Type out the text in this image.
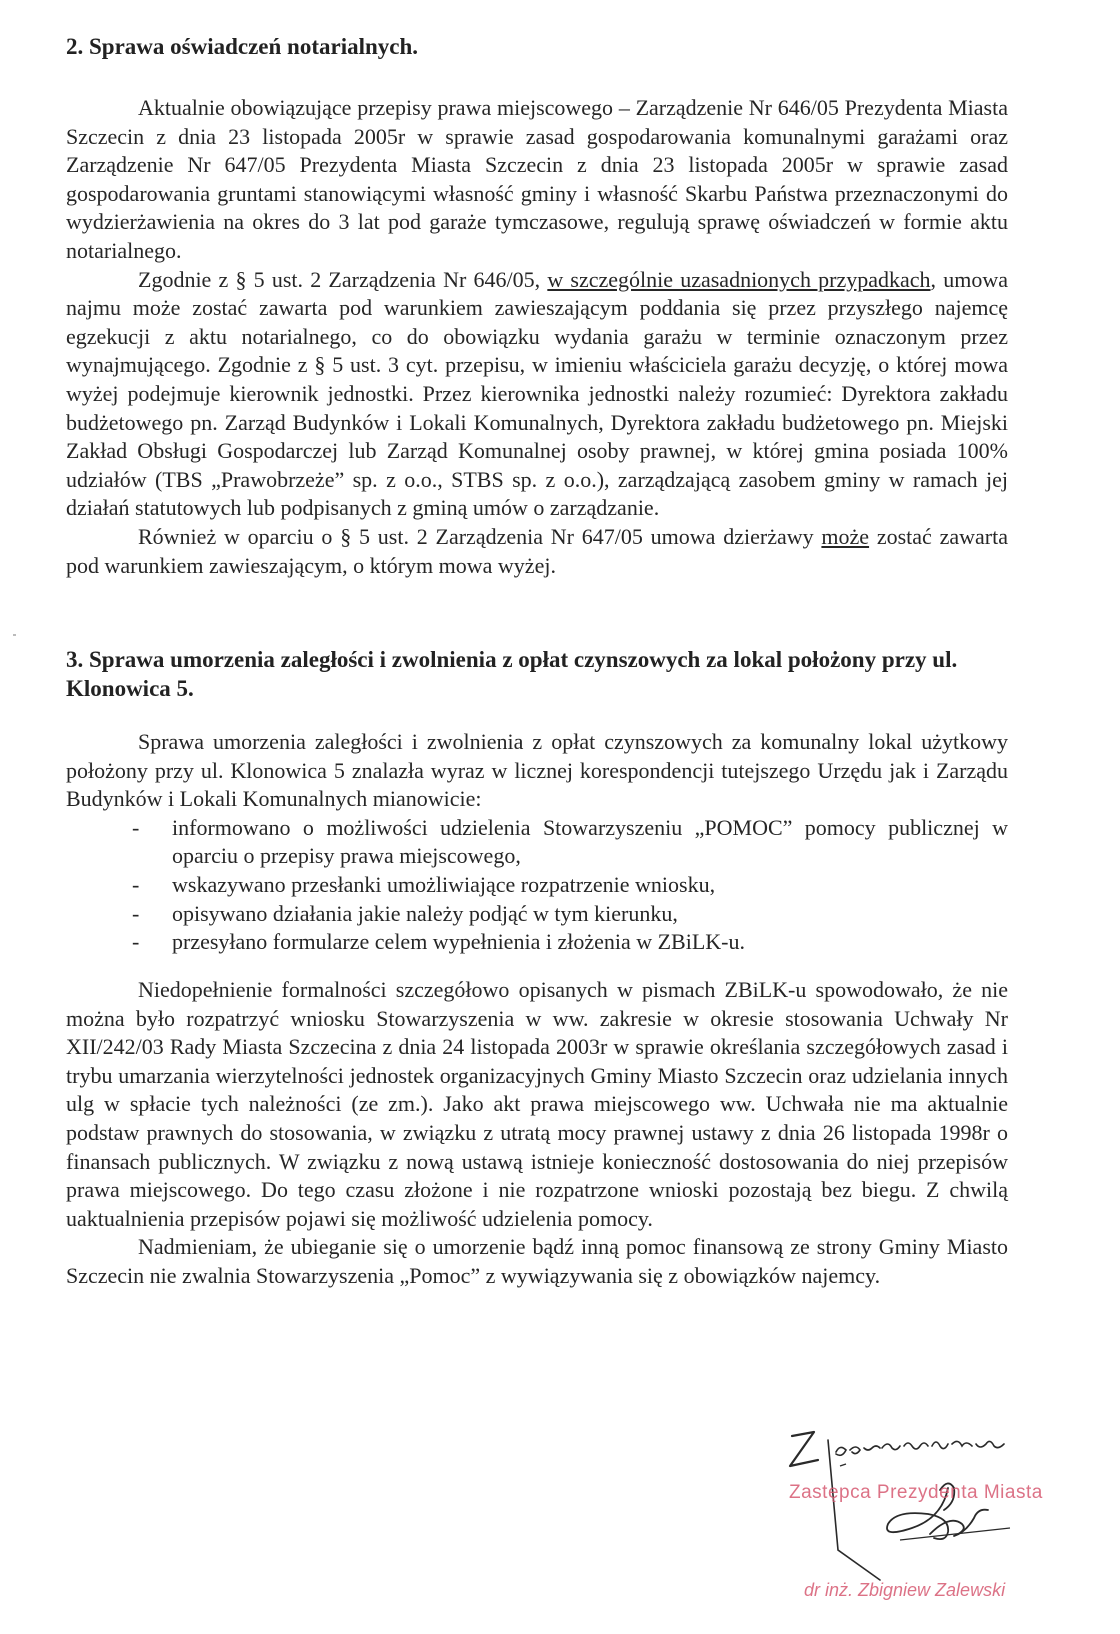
2. Sprawa oświadczeń notarialnych.

Aktualnie obowiązujące przepisy prawa miejscowego – Zarządzenie Nr 646/05 Prezydenta Miasta Szczecin z dnia 23 listopada 2005r w sprawie zasad gospodarowania komunalnymi garażami oraz Zarządzenie Nr 647/05 Prezydenta Miasta Szczecin z dnia 23 listopada 2005r w sprawie zasad gospodarowania gruntami stanowiącymi własność gminy i własność Skarbu Państwa przeznaczonymi do wydzierżawienia na okres do 3 lat pod garaże tymczasowe, regulują sprawę oświadczeń w formie aktu notarialnego.

Zgodnie z § 5 ust. 2 Zarządzenia Nr 646/05, w szczególnie uzasadnionych przypadkach, umowa najmu może zostać zawarta pod warunkiem zawieszającym poddania się przez przyszłego najemcę egzekucji z aktu notarialnego, co do obowiązku wydania garażu w terminie oznaczonym przez wynajmującego. Zgodnie z § 5 ust. 3 cyt. przepisu, w imieniu właściciela garażu decyzję, o której mowa wyżej podejmuje kierownik jednostki. Przez kierownika jednostki należy rozumieć: Dyrektora zakładu budżetowego pn. Zarząd Budynków i Lokali Komunalnych, Dyrektora zakładu budżetowego pn. Miejski Zakład Obsługi Gospodarczej lub Zarząd Komunalnej osoby prawnej, w której gmina posiada 100% udziałów (TBS „Prawobrzeże” sp. z o.o., STBS sp. z o.o.), zarządzającą zasobem gminy w ramach jej działań statutowych lub podpisanych z gminą umów o zarządzanie.

Również w oparciu o § 5 ust. 2 Zarządzenia Nr 647/05 umowa dzierżawy może zostać zawarta pod warunkiem zawieszającym, o którym mowa wyżej.

3. Sprawa umorzenia zaległości i zwolnienia z opłat czynszowych za lokal położony przy ul. Klonowica 5.

Sprawa umorzenia zaległości i zwolnienia z opłat czynszowych za komunalny lokal użytkowy położony przy ul. Klonowica 5 znalazła wyraz w licznej korespondencji tutejszego Urzędu jak i Zarządu Budynków i Lokali Komunalnych mianowicie:

- informowano o możliwości udzielenia Stowarzyszeniu „POMOC” pomocy publicznej w oparciu o przepisy prawa miejscowego,
- wskazywano przesłanki umożliwiające rozpatrzenie wniosku,
- opisywano działania jakie należy podjąć w tym kierunku,
- przesyłano formularze celem wypełnienia i złożenia w ZBiLK-u.

Niedopełnienie formalności szczegółowo opisanych w pismach ZBiLK-u spowodowało, że nie można było rozpatrzyć wniosku Stowarzyszenia w ww. zakresie w okresie stosowania Uchwały Nr XII/242/03 Rady Miasta Szczecina z dnia 24 listopada 2003r w sprawie określania szczegółowych zasad i trybu umarzania wierzytelności jednostek organizacyjnych Gminy Miasto Szczecin oraz udzielania innych ulg w spłacie tych należności (ze zm.). Jako akt prawa miejscowego ww. Uchwała nie ma aktualnie podstaw prawnych do stosowania, w związku z utratą mocy prawnej ustawy z dnia 26 listopada 1998r o finansach publicznych. W związku z nową ustawą istnieje konieczność dostosowania do niej przepisów prawa miejscowego. Do tego czasu złożone i nie rozpatrzone wnioski pozostają bez biegu. Z chwilą uaktualnienia przepisów pojawi się możliwość udzielenia pomocy.

Nadmieniam, że ubieganie się o umorzenie bądź inną pomoc finansową ze strony Gminy Miasto Szczecin nie zwalnia Stowarzyszenia „Pomoc” z wywiązywania się z obowiązków najemcy.

Zastępca Prezydenta Miasta
dr inż. Zbigniew Zalewski
